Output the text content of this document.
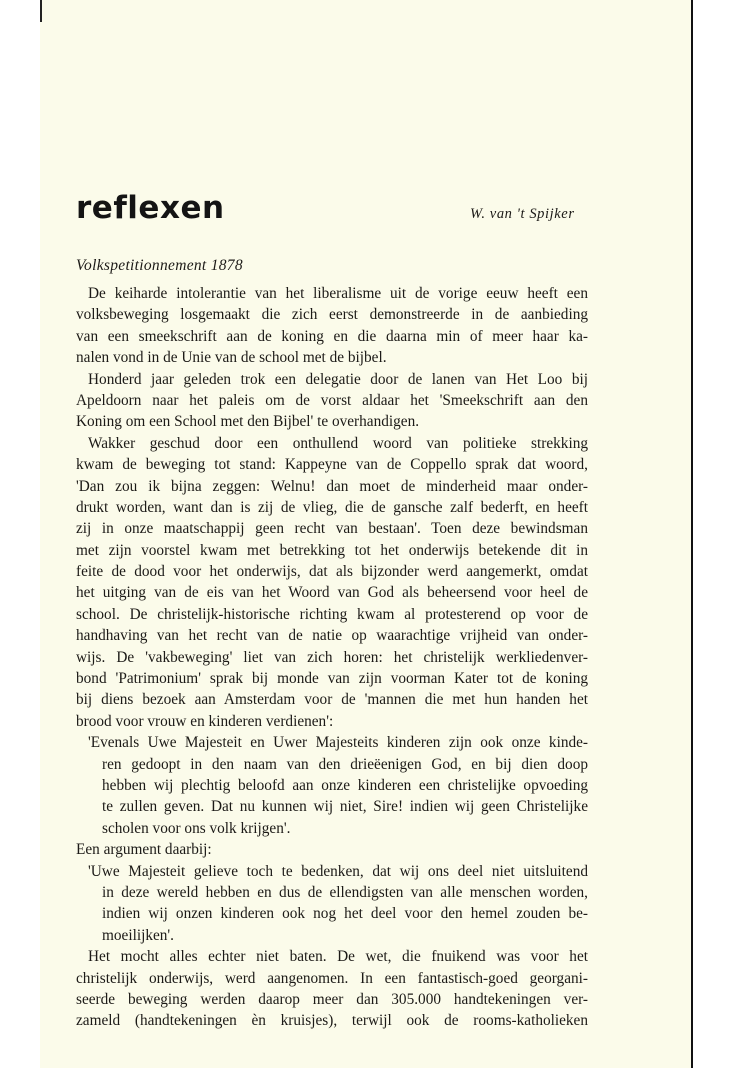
reflexen	W. van 't Spijker
Volkspetitionnement 1878
De keiharde intolerantie van het liberalisme uit de vorige eeuw heeft een
volksbeweging losgemaakt die zich eerst demonstreerde in de aanbieding
van een smeekschrift aan de koning en die daarna min of meer haar ka-
nalen vond in de Unie van de school met de bijbel.
Honderd jaar geleden trok een delegatie door de lanen van Het Loo bij
Apeldoorn naar het paleis om de vorst aldaar het 'Smeekschrift aan den
Koning om een School met den Bijbel' te overhandigen.
Wakker geschud door een onthullend woord van politieke strekking
kwam de beweging tot stand: Kappeyne van de Coppello sprak dat woord,
'Dan zou ik bijna zeggen: Welnu! dan moet de minderheid maar onder-
drukt worden, want dan is zij de vlieg, die de gansche zalf bederft, en heeft
zij in onze maatschappij geen recht van bestaan'. Toen deze bewindsman
met zijn voorstel kwam met betrekking tot het onderwijs betekende dit in
feite de dood voor het onderwijs, dat als bijzonder werd aangemerkt, omdat
het uitging van de eis van het Woord van God als beheersend voor heel de
school. De christelijk-historische richting kwam al protesterend op voor de
handhaving van het recht van de natie op waarachtige vrijheid van onder-
wijs. De 'vakbeweging' liet van zich horen: het christelijk werkliedenver-
bond 'Patrimonium' sprak bij monde van zijn voorman Kater tot de koning
bij diens bezoek aan Amsterdam voor de 'mannen die met hun handen het
brood voor vrouw en kinderen verdienen':
'Evenals Uwe Majesteit en Uwer Majesteits kinderen zijn ook onze kinde-
ren gedoopt in den naam van den drieëenigen God, en bij dien doop
hebben wij plechtig beloofd aan onze kinderen een christelijke opvoeding
te zullen geven. Dat nu kunnen wij niet, Sire! indien wij geen Christelijke
scholen voor ons volk krijgen'.
Een argument daarbij:
'Uwe Majesteit gelieve toch te bedenken, dat wij ons deel niet uitsluitend
in deze wereld hebben en dus de ellendigsten van alle menschen worden,
indien wij onzen kinderen ook nog het deel voor den hemel zouden be-
moeilijken'.
Het mocht alles echter niet baten. De wet, die fnuikend was voor het
christelijk onderwijs, werd aangenomen. In een fantastisch-goed georgani-
seerde beweging werden daarop meer dan 305.000 handtekeningen ver-
zameld (handtekeningen èn kruisjes), terwijl ook de rooms-katholieken
